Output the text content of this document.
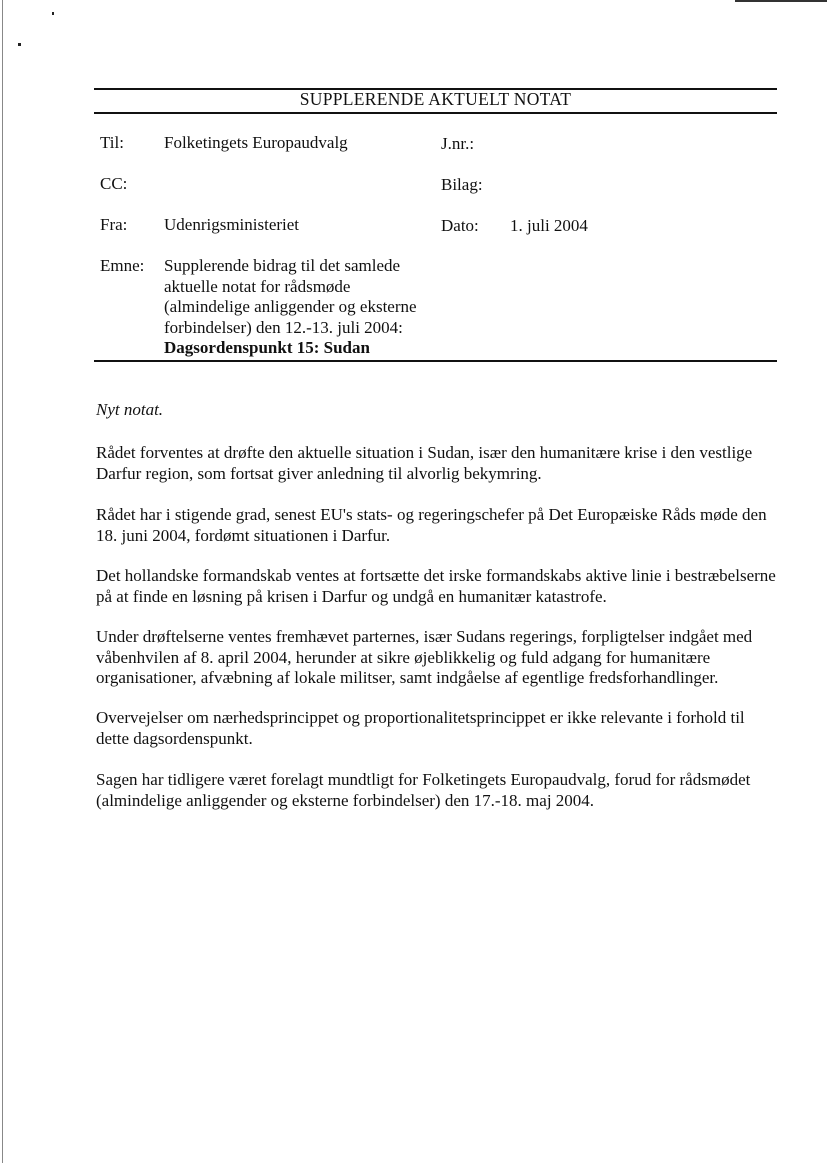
SUPPLERENDE AKTUELT NOTAT
Til: Folketingets Europaudvalg	J.nr.:
CC:	Bilag:
Fra: Udenrigsministeriet	Dato: 1. juli 2004
Emne: Supplerende bidrag til det samlede
aktuelle notat for rådsmøde
(almindelige anliggender og eksterne
forbindelser) den 12.-13. juli 2004:
Dagsordenspunkt 15: Sudan
Nyt notat.
Rådet forventes at drøfte den aktuelle situation i Sudan, især den humanitære krise i den vestlige Darfur region, som fortsat giver anledning til alvorlig bekymring.
Rådet har i stigende grad, senest EU's stats- og regeringschefer på Det Europæiske Råds møde den 18. juni 2004, fordømt situationen i Darfur.
Det hollandske formandskab ventes at fortsætte det irske formandskabs aktive linie i bestræbelserne på at finde en løsning på krisen i Darfur og undgå en humanitær katastrofe.
Under drøftelserne ventes fremhævet parternes, især Sudans regerings, forpligtelser indgået med våbenhvilen af 8. april 2004, herunder at sikre øjeblikkelig og fuld adgang for humanitære organisationer, afvæbning af lokale militser, samt indgåelse af egentlige fredsforhandlinger.
Overvejelser om nærhedsprincippet og proportionalitetsprincippet er ikke relevante i forhold til dette dagsordenspunkt.
Sagen har tidligere været forelagt mundtligt for Folketingets Europaudvalg, forud for rådsmødet (almindelige anliggender og eksterne forbindelser) den 17.-18. maj 2004.
